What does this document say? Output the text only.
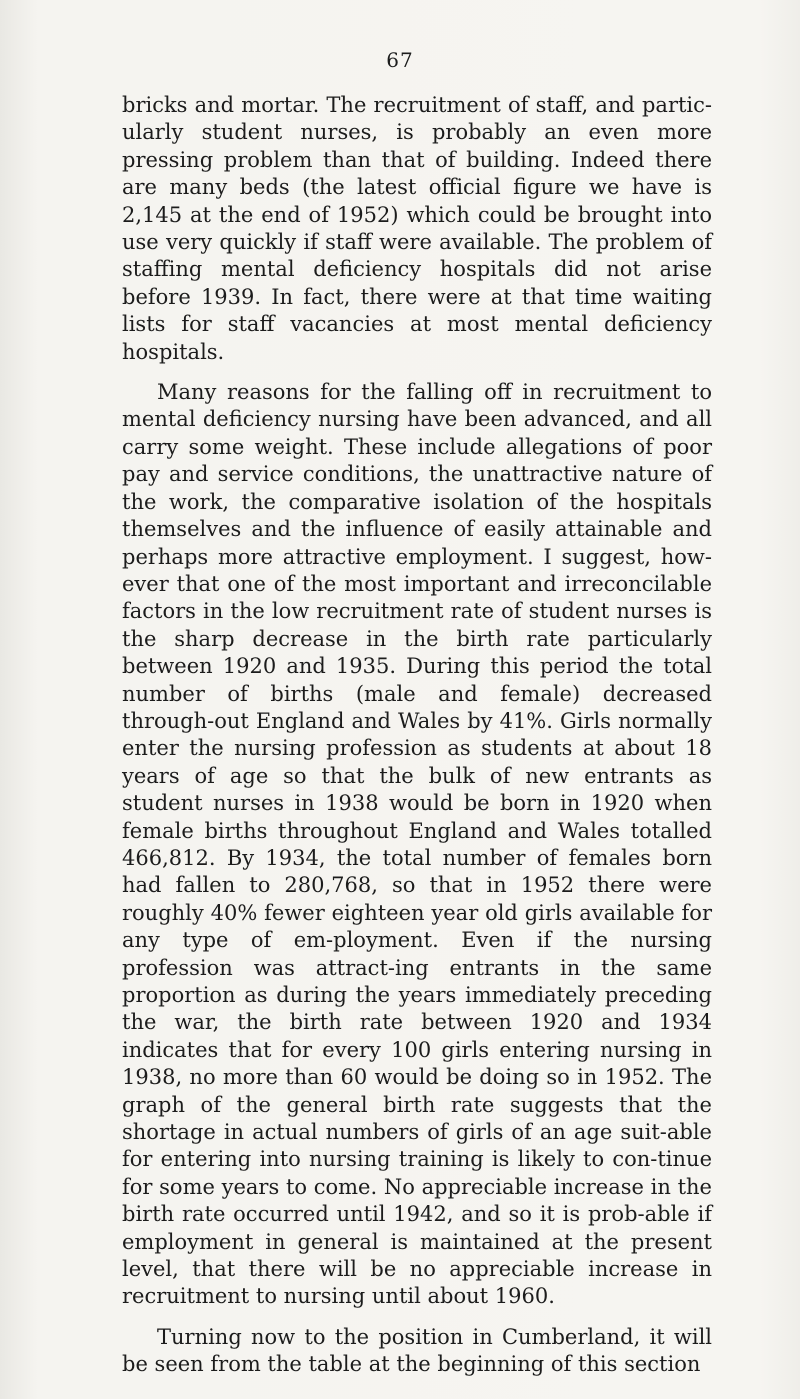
67

bricks and mortar. The recruitment of staff, and partic-ularly student nurses, is probably an even more pressing problem than that of building. Indeed there are many beds (the latest official figure we have is 2,145 at the end of 1952) which could be brought into use very quickly if staff were available. The problem of staffing mental deficiency hospitals did not arise before 1939. In fact, there were at that time waiting lists for staff vacancies at most mental deficiency hospitals.

Many reasons for the falling off in recruitment to mental deficiency nursing have been advanced, and all carry some weight. These include allegations of poor pay and service conditions, the unattractive nature of the work, the comparative isolation of the hospitals themselves and the influence of easily attainable and perhaps more attractive employment. I suggest, how-ever that one of the most important and irreconcilable factors in the low recruitment rate of student nurses is the sharp decrease in the birth rate particularly between 1920 and 1935. During this period the total number of births (male and female) decreased through-out England and Wales by 41%. Girls normally enter the nursing profession as students at about 18 years of age so that the bulk of new entrants as student nurses in 1938 would be born in 1920 when female births throughout England and Wales totalled 466,812. By 1934, the total number of females born had fallen to 280,768, so that in 1952 there were roughly 40% fewer eighteen year old girls available for any type of em-ployment. Even if the nursing profession was attract-ing entrants in the same proportion as during the years immediately preceding the war, the birth rate between 1920 and 1934 indicates that for every 100 girls entering nursing in 1938, no more than 60 would be doing so in 1952. The graph of the general birth rate suggests that the shortage in actual numbers of girls of an age suit-able for entering into nursing training is likely to con-tinue for some years to come. No appreciable increase in the birth rate occurred until 1942, and so it is prob-able if employment in general is maintained at the present level, that there will be no appreciable increase in recruitment to nursing until about 1960.

Turning now to the position in Cumberland, it will be seen from the table at the beginning of this section
